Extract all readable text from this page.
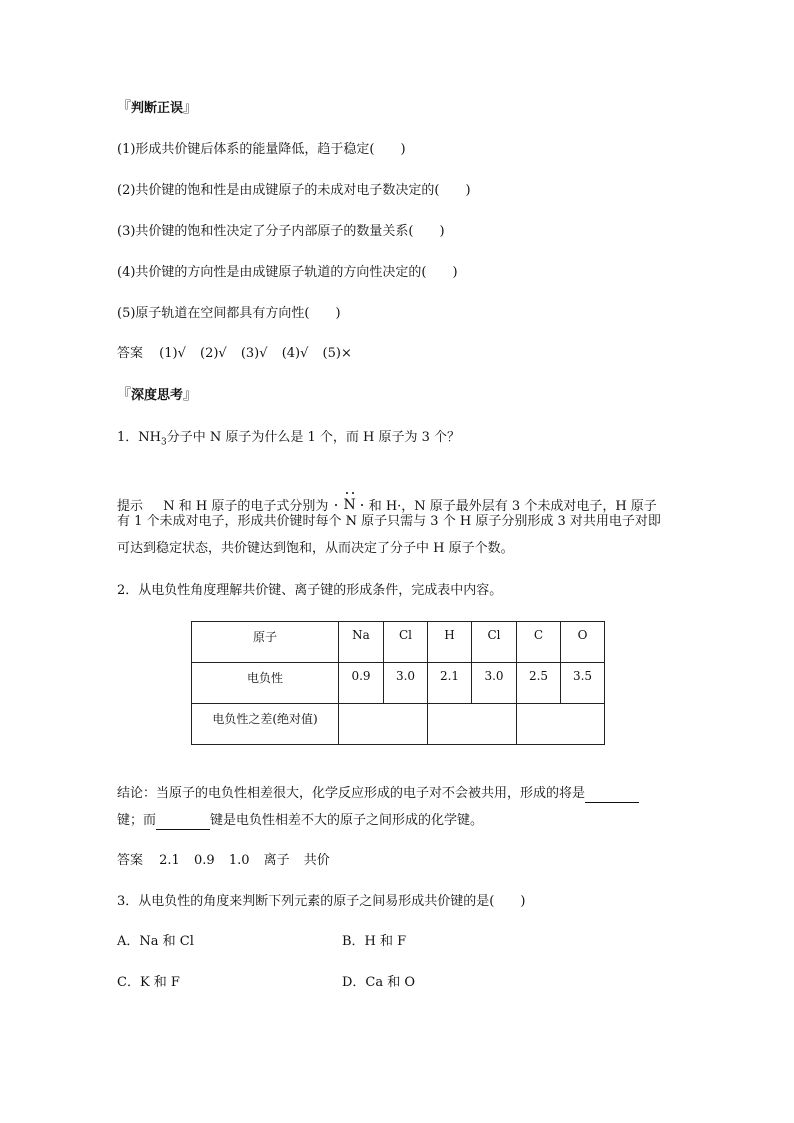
『判断正误』
(1)形成共价键后体系的能量降低，趋于稳定(　　)
(2)共价键的饱和性是由成键原子的未成对电子数决定的(　　)
(3)共价键的饱和性决定了分子内部原子的数量关系(　　)
(4)共价键的方向性是由成键原子轨道的方向性决定的(　　)
(5)原子轨道在空间都具有方向性(　　)
答案 (1)√ (2)√ (3)√ (4)√ (5)×
『深度思考』
1．$NH_3$分子中 N 原子为什么是 1 个，而 H 原子为 3 个？
提示 N 和 H 原子的电子式分别为 N 和 H·，N 原子最外层有 3 个未成对电子，H 原子
有 1 个未成对电子，形成共价键时每个 N 原子只需与 3 个 H 原子分别形成 3 对共用电子对即
可达到稳定状态，共价键达到饱和，从而决定了分子中 H 原子个数。
2．从电负性角度理解共价键、离子键的形成条件，完成表中内容。
原子	Na	Cl	H	Cl	C	O

电负性	0.9	3.0	2.1	3.0	2.5	3.5

电负性之差(绝对值)						

结论：当原子的电负性相差很大，化学反应形成的电子对不会被共用，形成的将是
键；而	键是电负性相差不大的原子之间形成的化学键。
答案 2.1 0.9 1.0 离子 共价
3．从电负性的角度来判断下列元素的原子之间易形成共价键的是(　　)
A．Na 和 Cl	B．H 和 F
C．K 和 F	D．Ca 和 O
